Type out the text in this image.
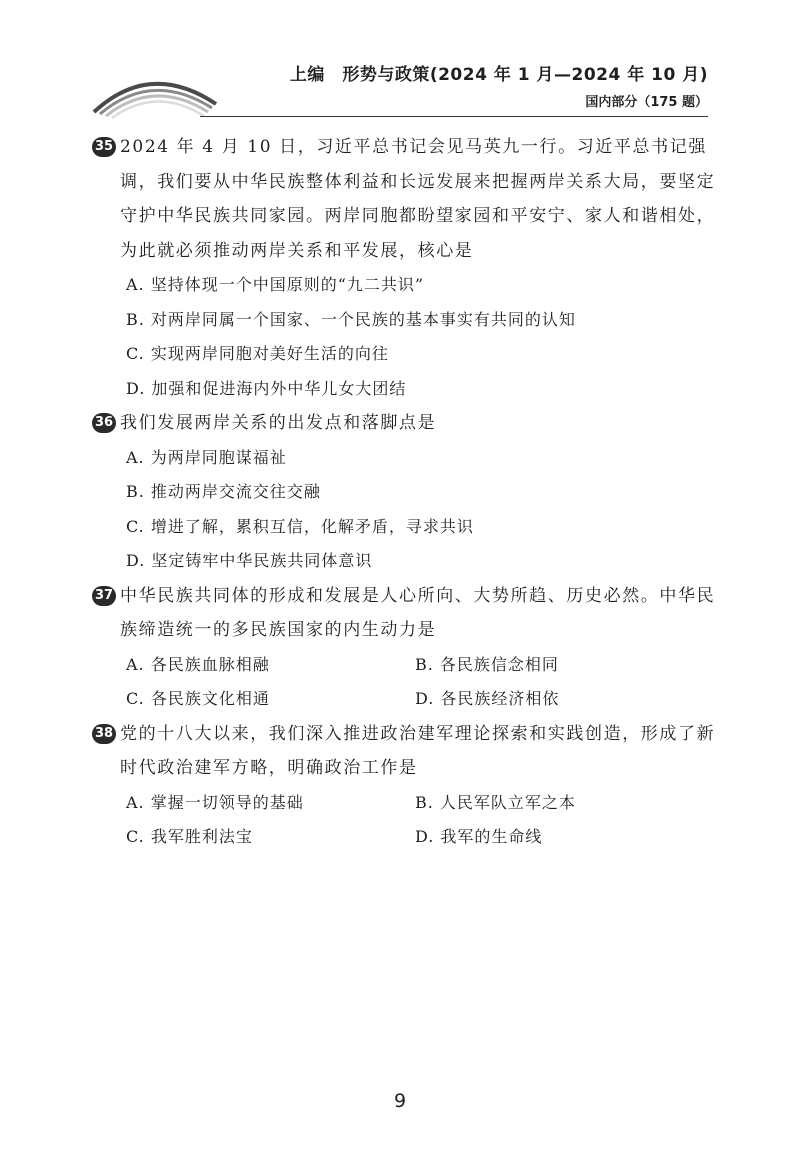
上编　形势与政策(2024 年 1 月—2024 年 10 月)
国内部分（175 题）
35 2024 年 4 月 10 日，习近平总书记会见马英九一行。习近平总书记强调，我们要从中华民族整体利益和长远发展来把握两岸关系大局，要坚定守护中华民族共同家园。两岸同胞都盼望家园和平安宁、家人和谐相处，为此就必须推动两岸关系和平发展，核心是
A. 坚持体现一个中国原则的“九二共识”
B. 对两岸同属一个国家、一个民族的基本事实有共同的认知
C. 实现两岸同胞对美好生活的向往
D. 加强和促进海内外中华儿女大团结
36 我们发展两岸关系的出发点和落脚点是
A. 为两岸同胞谋福祉
B. 推动两岸交流交往交融
C. 增进了解，累积互信，化解矛盾，寻求共识
D. 坚定铸牢中华民族共同体意识
37 中华民族共同体的形成和发展是人心所向、大势所趋、历史必然。中华民族缔造统一的多民族国家的内生动力是
A. 各民族血脉相融	B. 各民族信念相同
C. 各民族文化相通	D. 各民族经济相依
38 党的十八大以来，我们深入推进政治建军理论探索和实践创造，形成了新时代政治建军方略，明确政治工作是
A. 掌握一切领导的基础	B. 人民军队立军之本
C. 我军胜利法宝	D. 我军的生命线
9
